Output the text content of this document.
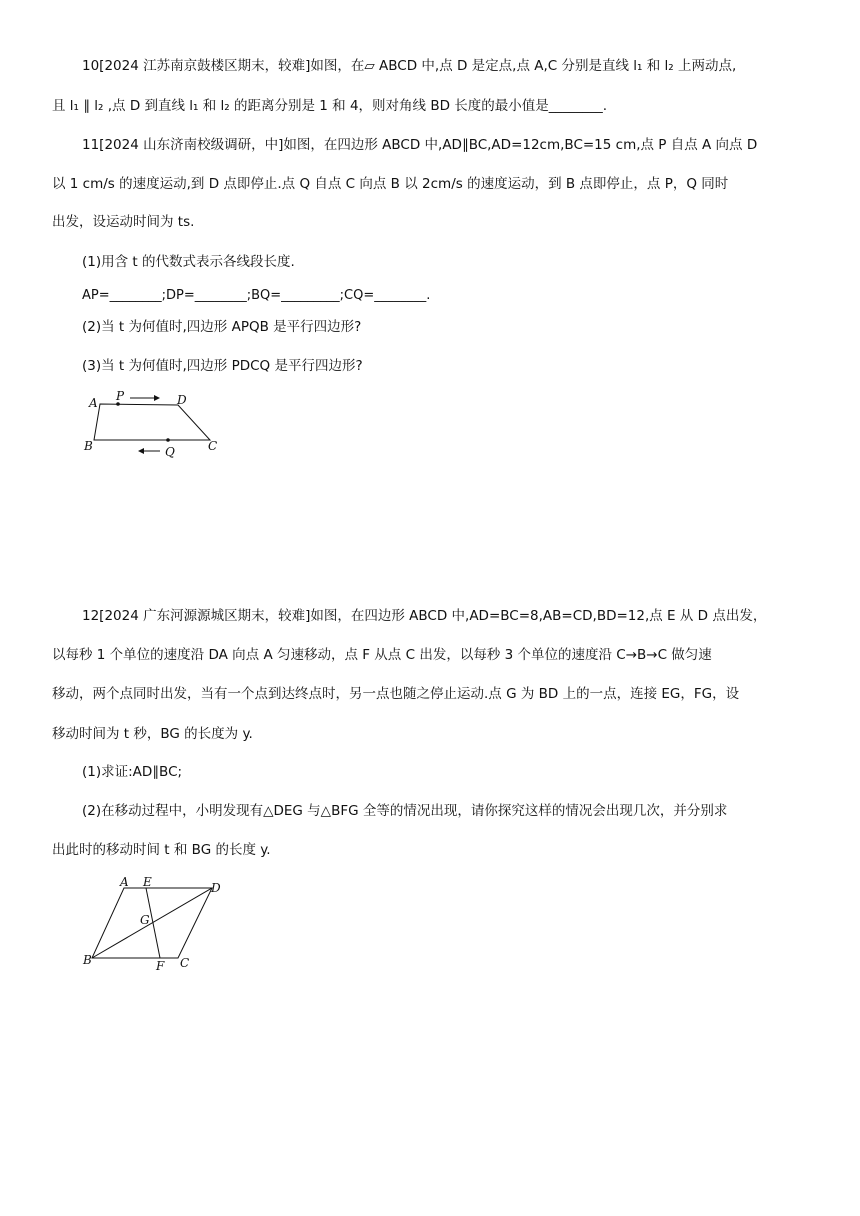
10[2024 江苏南京鼓楼区期末，较难]如图，在▱ ABCD 中,点 D 是定点,点 A,C 分别是直线 l₁ 和 l₂ 上两动点,
且 l₁ ∥ l₂ ,点 D 到直线 l₁ 和 l₂ 的距离分别是 1 和 4，则对角线 BD 长度的最小值是________.
11[2024 山东济南校级调研，中]如图，在四边形 ABCD 中,AD∥BC,AD=12cm,BC=15 cm,点 P 自点 A 向点 D
以 1 cm/s 的速度运动,到 D 点即停止.点 Q 自点 C 向点 B 以 2cm/s 的速度运动，到 B 点即停止，点 P，Q 同时
出发，设运动时间为 ts.
(1)用含 t 的代数式表示各线段长度.
AP=________;DP=________;BQ=_________;CQ=________.
(2)当 t 为何值时,四边形 APQB 是平行四边形?
(3)当 t 为何值时,四边形 PDCQ 是平行四边形?
A P	D
B	Q	C
12[2024 广东河源源城区期末，较难]如图，在四边形 ABCD 中,AD=BC=8,AB=CD,BD=12,点 E 从 D 点出发，
以每秒 1 个单位的速度沿 DA 向点 A 匀速移动，点 F 从点 C 出发，以每秒 3 个单位的速度沿 C→B→C 做匀速
移动，两个点同时出发，当有一个点到达终点时，另一点也随之停止运动.点 G 为 BD 上的一点，连接 EG，FG，设
移动时间为 t 秒，BG 的长度为 y.
(1)求证:AD∥BC;
(2)在移动过程中，小明发现有△DEG 与△BFG 全等的情况出现，请你探究这样的情况会出现几次，并分别求
出此时的移动时间 t 和 BG 的长度 y.
A E	D
G
B	F C
